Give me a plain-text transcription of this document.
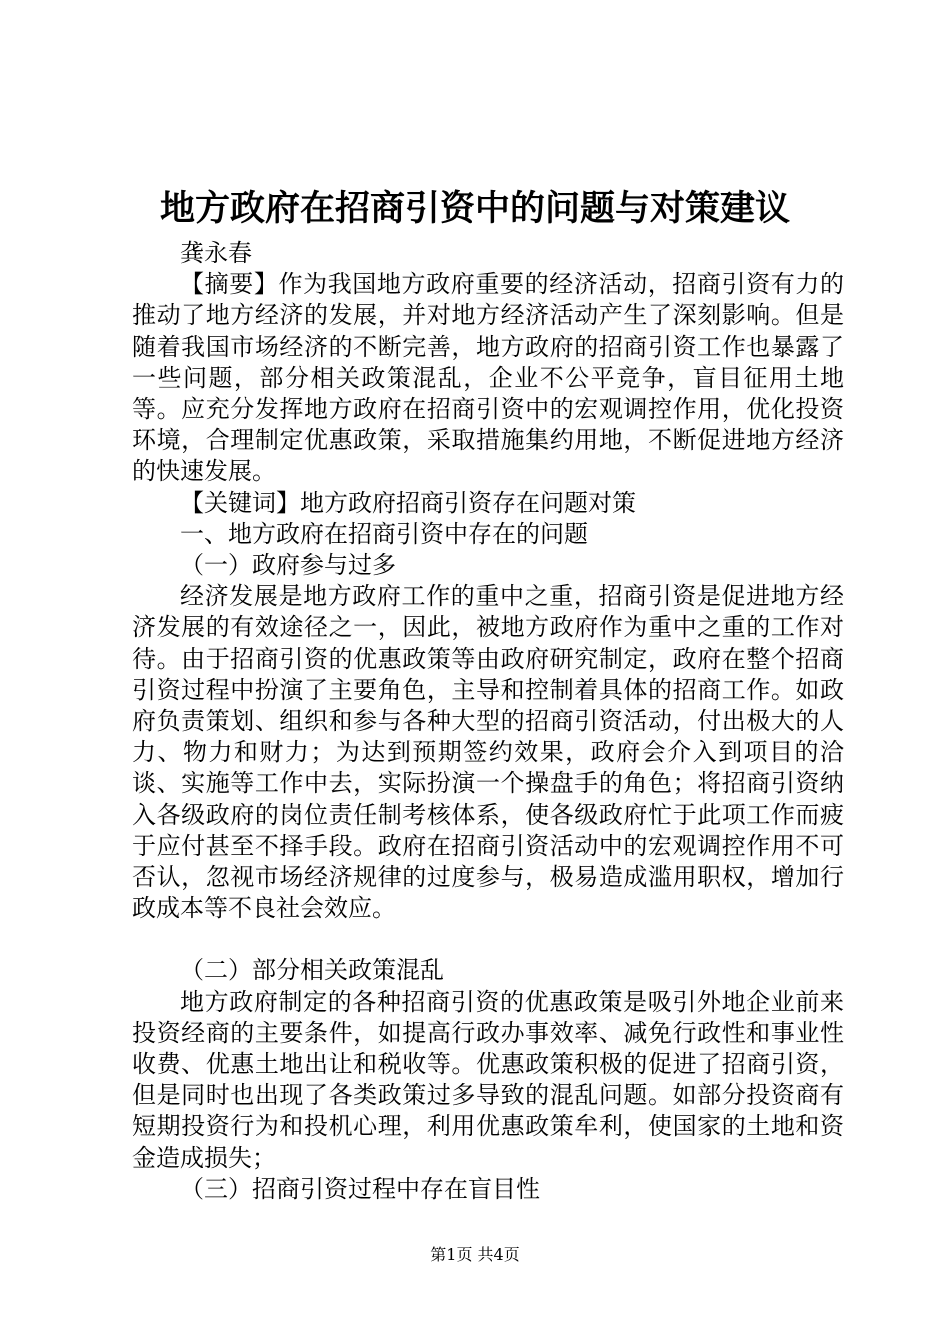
地方政府在招商引资中的问题与对策建议

龚永春

【摘要】作为我国地方政府重要的经济活动，招商引资有力的推动了地方经济的发展，并对地方经济活动产生了深刻影响。但是随着我国市场经济的不断完善，地方政府的招商引资工作也暴露了一些问题，部分相关政策混乱，企业不公平竞争，盲目征用土地等。应充分发挥地方政府在招商引资中的宏观调控作用，优化投资环境，合理制定优惠政策，采取措施集约用地，不断促进地方经济的快速发展。

【关键词】地方政府招商引资存在问题对策

一、地方政府在招商引资中存在的问题

（一）政府参与过多

经济发展是地方政府工作的重中之重，招商引资是促进地方经济发展的有效途径之一，因此，被地方政府作为重中之重的工作对待。由于招商引资的优惠政策等由政府研究制定，政府在整个招商引资过程中扮演了主要角色，主导和控制着具体的招商工作。如政府负责策划、组织和参与各种大型的招商引资活动，付出极大的人力、物力和财力；为达到预期签约效果，政府会介入到项目的洽谈、实施等工作中去，实际扮演一个操盘手的角色；将招商引资纳入各级政府的岗位责任制考核体系，使各级政府忙于此项工作而疲于应付甚至不择手段。政府在招商引资活动中的宏观调控作用不可否认，忽视市场经济规律的过度参与，极易造成滥用职权，增加行政成本等不良社会效应。

（二）部分相关政策混乱

地方政府制定的各种招商引资的优惠政策是吸引外地企业前来投资经商的主要条件，如提高行政办事效率、减免行政性和事业性收费、优惠土地出让和税收等。优惠政策积极的促进了招商引资，但是同时也出现了各类政策过多导致的混乱问题。如部分投资商有短期投资行为和投机心理，利用优惠政策牟利，使国家的土地和资金造成损失；

（三）招商引资过程中存在盲目性

第1页 共4页
